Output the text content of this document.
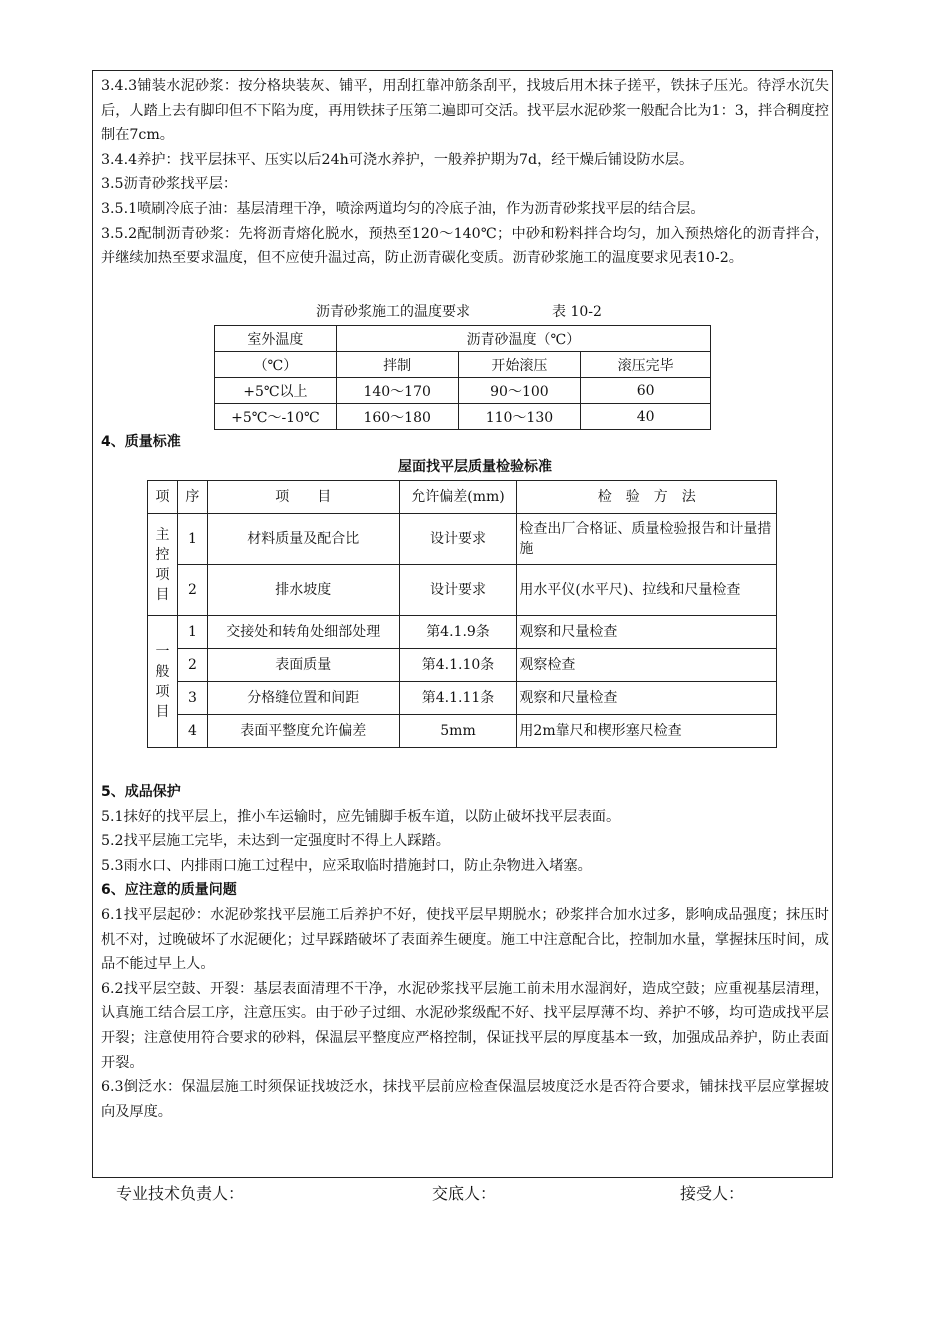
3.4.3铺装水泥砂浆：按分格块装灰、铺平，用刮扛靠冲筋条刮平，找坡后用木抹子搓平，铁抹子压光。待浮水沉失后，人踏上去有脚印但不下陷为度，再用铁抹子压第二遍即可交活。找平层水泥砂浆一般配合比为1：3，拌合稠度控制在7cm。

3.4.4养护：找平层抹平、压实以后24h可浇水养护，一般养护期为7d，经干燥后铺设防水层。

3.5沥青砂浆找平层：

3.5.1喷刷冷底子油：基层清理干净，喷涂两道均匀的冷底子油，作为沥青砂浆找平层的结合层。

3.5.2配制沥青砂浆：先将沥青熔化脱水，预热至120～140℃；中砂和粉料拌合均匀，加入预热熔化的沥青拌合，并继续加热至要求温度，但不应使升温过高，防止沥青碳化变质。沥青砂浆施工的温度要求见表10-2。

沥青砂浆施工的温度要求	表 10-2
室外温度	沥青砂温度（℃）		
（℃）	拌制	开始滚压	滚压完毕
+5℃以上	140～170	90～100	60
+5℃～-10℃	160～180	110～130	40

4、质量标准

屋面找平层质量检验标准
项	序	项　　目	允许偏差(mm)	检　验　方　法
主
控
项
目	1	材料质量及配合比	设计要求	检查出厂合格证、质量检验报告和计量措施
	2	排水坡度	设计要求	用水平仪(水平尺)、拉线和尺量检查
一
般
项
目	1	交接处和转角处细部处理	第4.1.9条	观察和尺量检查
	2	表面质量	第4.1.10条	观察检查
	3	分格缝位置和间距	第4.1.11条	观察和尺量检查
	4	表面平整度允许偏差	5mm	用2m靠尺和楔形塞尺检查

5、成品保护

5.1抹好的找平层上，推小车运输时，应先铺脚手板车道，以防止破坏找平层表面。

5.2找平层施工完毕，未达到一定强度时不得上人踩踏。

5.3雨水口、内排雨口施工过程中，应采取临时措施封口，防止杂物进入堵塞。

6、应注意的质量问题

6.1找平层起砂：水泥砂浆找平层施工后养护不好，使找平层早期脱水；砂浆拌合加水过多，影响成品强度；抹压时机不对，过晚破坏了水泥硬化；过早踩踏破坏了表面养生硬度。施工中注意配合比，控制加水量，掌握抹压时间，成品不能过早上人。

6.2找平层空鼓、开裂：基层表面清理不干净，水泥砂浆找平层施工前未用水湿润好，造成空鼓；应重视基层清理，认真施工结合层工序，注意压实。由于砂子过细、水泥砂浆级配不好、找平层厚薄不均、养护不够，均可造成找平层开裂；注意使用符合要求的砂料，保温层平整度应严格控制，保证找平层的厚度基本一致，加强成品养护，防止表面开裂。

6.3倒泛水：保温层施工时须保证找坡泛水，抹找平层前应检查保温层坡度泛水是否符合要求，铺抹找平层应掌握坡向及厚度。

专业技术负责人：	交底人：	接受人：
